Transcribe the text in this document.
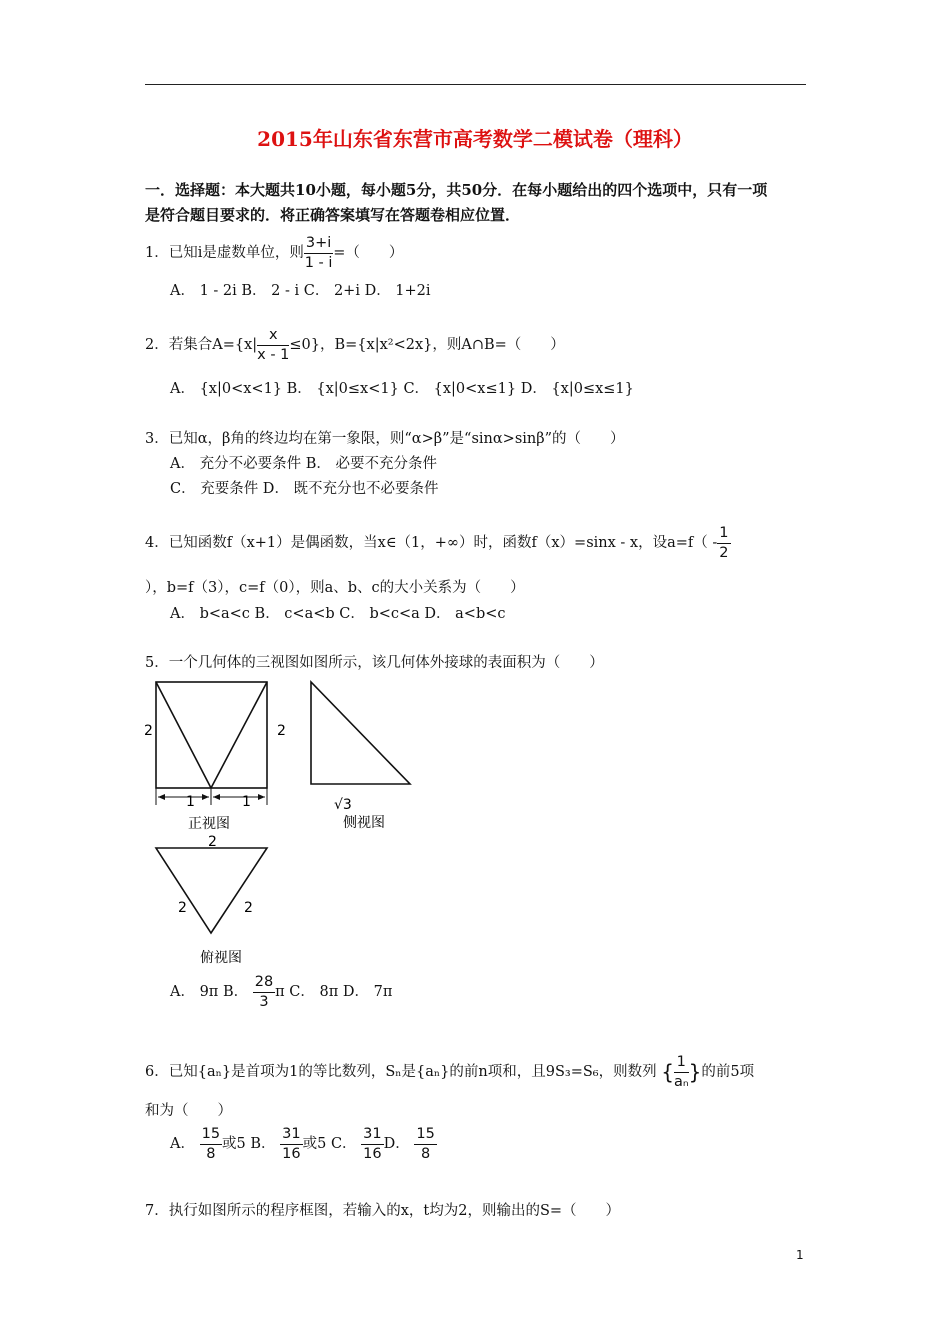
2015年山东省东营市高考数学二模试卷（理科）
一．选择题：本大题共10小题，每小题5分，共50分．在每小题给出的四个选项中，只有一项
是符合题目要求的．将正确答案填写在答题卷相应位置．
1．已知ⅰ是虚数单位，则 $\frac{3+i}{1 - i}$ =（　　）
A． 1 - 2i B． 2 - i C． 2+i D． 1+2i
2．若集合$A=\{x| \frac{x}{x - 1} \le 0\}$，B={x|x²<2x}，则A∩B=（　　）
A． {x|0<x<1} B． {x|0≤x<1} C． {x|0<x≤1} D． {x|0≤x≤1}
3．已知α，β角的终边均在第一象限，则“α>β”是“sinα>sinβ”的（　　）
A． 充分不必要条件 B． 必要不充分条件
C． 充要条件 D． 既不充分也不必要条件
4．已知函数f（x+1）是偶函数，当x∈（1，+∞）时，函数f（x）=sinx - x，设$a=f( - \frac{1}{2}$
），b=f（3），c=f（0），则a、b、c的大小关系为（　　）
A． b<a<c B． c<a<b C． b<c<a D． a<b<c
5．一个几何体的三视图如图所示，该几何体外接球的表面积为（　　）
2	2
1	1
正视图
√3
侧视图
2
2	2
俯视图
A． 9π B． $\frac{28}{3}$ π C． 8π D． 7π
6．已知{aₙ}是首项为1的等比数列，Sₙ是{aₙ}的前n项和，且9S₃=S₆，则数列 { $\frac{1}{\text{aₙ}}$ }的前5项
和为（　　）
A． $\frac{15}{8}$ 或5 B． $\frac{31}{16}$ 或5 C． $\frac{31}{16}$ D． $\frac{15}{8}$
7．执行如图所示的程序框图，若输入的x，t均为2，则输出的S=（　　）
1
